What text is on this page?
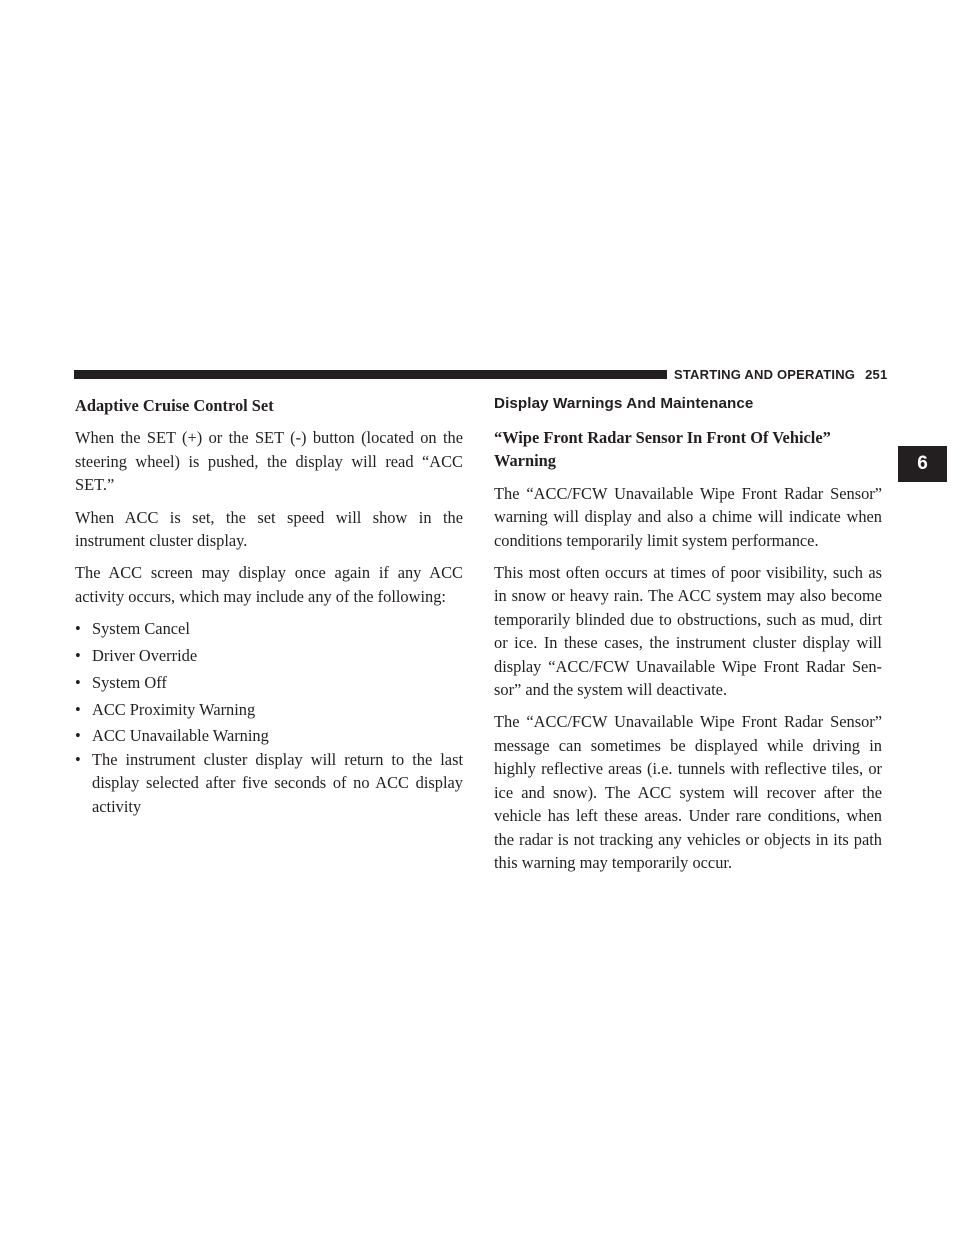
STARTING AND OPERATING 251
6
Adaptive Cruise Control Set

When the SET (+) or the SET (-) button (located on the steering wheel) is pushed, the display will read “ACC SET.”

When ACC is set, the set speed will show in the instrument cluster display.

The ACC screen may display once again if any ACC activity occurs, which may include any of the following:

• System Cancel
• Driver Override
• System Off
• ACC Proximity Warning
• ACC Unavailable Warning
• The instrument cluster display will return to the last display selected after five seconds of no ACC display activity
Display Warnings And Maintenance
“Wipe Front Radar Sensor In Front Of Vehicle” Warning

The “ACC/FCW Unavailable Wipe Front Radar Sensor” warning will display and also a chime will indicate when conditions temporarily limit system performance.

This most often occurs at times of poor visibility, such as in snow or heavy rain. The ACC system may also become temporarily blinded due to obstructions, such as mud, dirt or ice. In these cases, the instrument cluster display will display “ACC/FCW Unavailable Wipe Front Radar Sensor” and the system will deactivate.

The “ACC/FCW Unavailable Wipe Front Radar Sensor” message can sometimes be displayed while driving in highly reflective areas (i.e. tunnels with reflective tiles, or ice and snow). The ACC system will recover after the vehicle has left these areas. Under rare conditions, when the radar is not tracking any vehicles or objects in its path this warning may temporarily occur.
